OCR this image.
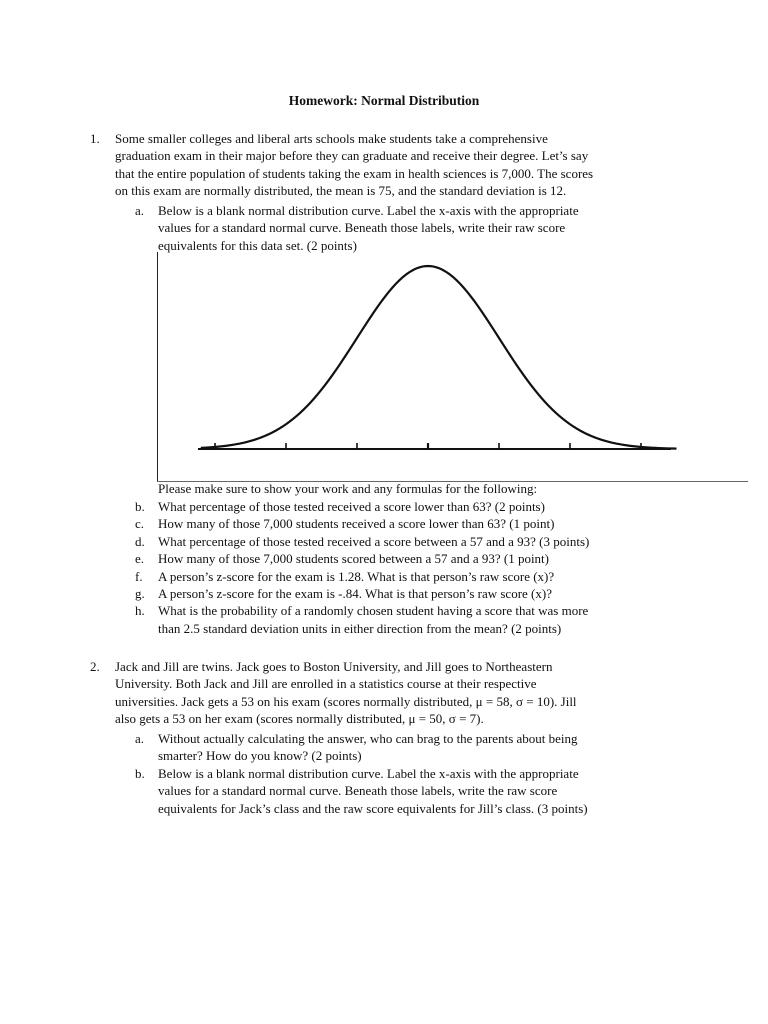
Homework: Normal Distribution
1.	Some smaller colleges and liberal arts schools make students take a comprehensive

graduation exam in their major before they can graduate and receive their degree. Let’s say

that the entire population of students taking the exam in health sciences is 7,000. The scores

on this exam are normally distributed, the mean is 75, and the standard deviation is 12.

a. Below is a blank normal distribution curve. Label the x-axis with the appropriate
values for a standard normal curve. Beneath those labels, write their raw score
equivalents for this data set. (2 points)
Please make sure to show your work and any formulas for the following:
b. What percentage of those tested received a score lower than 63? (2 points)
c. How many of those 7,000 students received a score lower than 63? (1 point)
d. What percentage of those tested received a score between a 57 and a 93? (3 points)
e. How many of those 7,000 students scored between a 57 and a 93? (1 point)
f. A person’s z-score for the exam is 1.28. What is that person’s raw score (x)?
g. A person’s z-score for the exam is -.84. What is that person’s raw score (x)?
h. What is the probability of a randomly chosen student having a score that was more
than 2.5 standard deviation units in either direction from the mean? (2 points)
2.	Jack and Jill are twins. Jack goes to Boston University, and Jill goes to Northeastern

University. Both Jack and Jill are enrolled in a statistics course at their respective

universities. Jack gets a 53 on his exam (scores normally distributed, μ = 58, σ = 10). Jill

also gets a 53 on her exam (scores normally distributed, μ = 50, σ = 7).

a. Without actually calculating the answer, who can brag to the parents about being
smarter? How do you know? (2 points)
b. Below is a blank normal distribution curve. Label the x-axis with the appropriate
values for a standard normal curve. Beneath those labels, write the raw score
equivalents for Jack’s class and the raw score equivalents for Jill’s class. (3 points)
